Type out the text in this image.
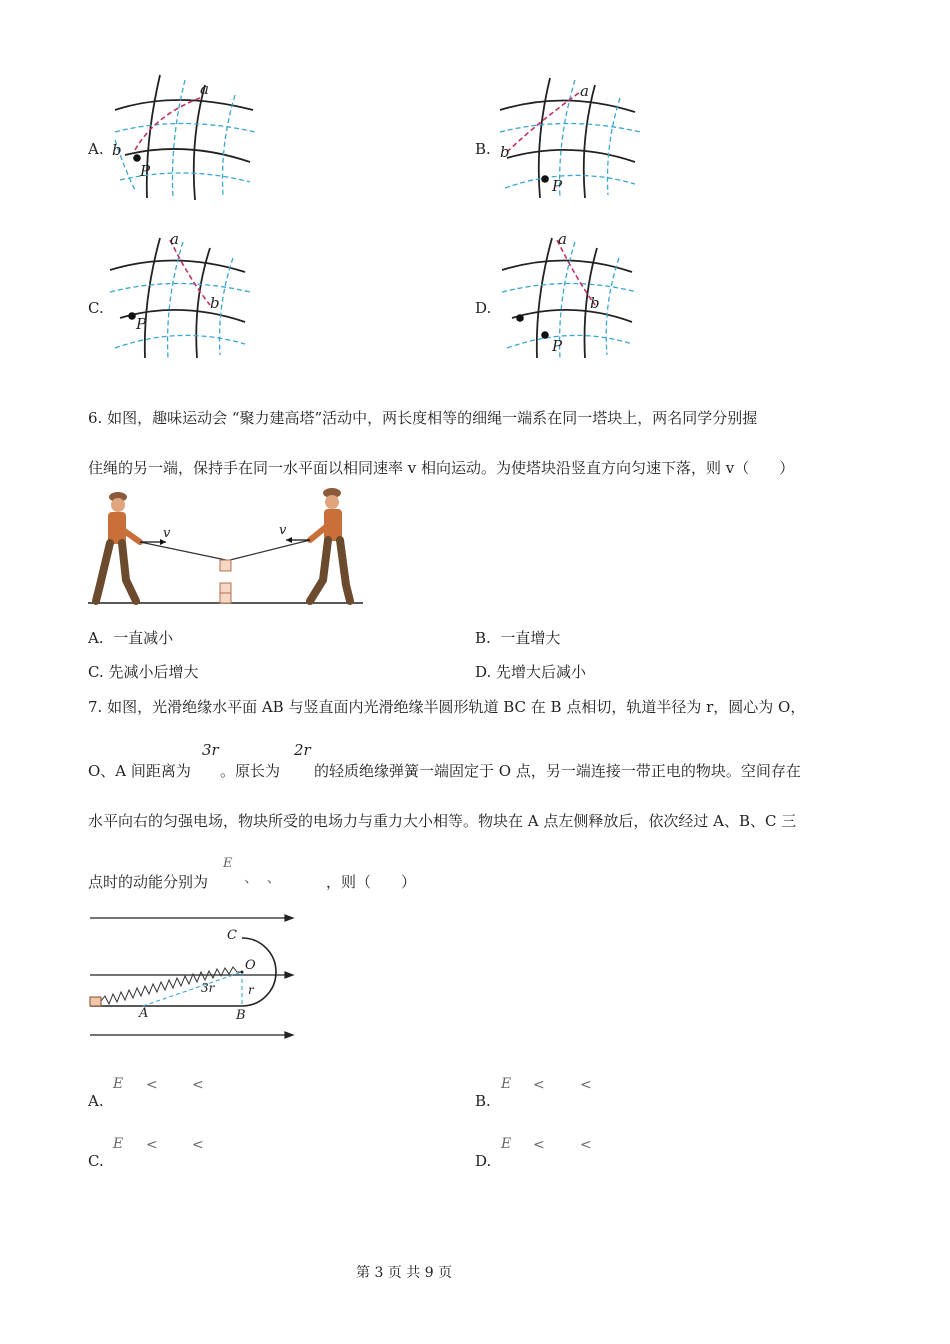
A.
a
b
P
B.
a
b
P
C.
a
b
P
D.
a
b
P
6. 如图，趣味运动会 “聚力建高塔”活动中，两长度相等的细绳一端系在同一塔块上，两名同学分别握
住绳的另一端，保持手在同一水平面以相同速率 v 相向运动。为使塔块沿竖直方向匀速下落，则 v（　　）
v	v
A. 一直减小	B. 一直增大
C. 先减小后增大	D. 先增大后减小
7. 如图，光滑绝缘水平面 AB 与竖直面内光滑绝缘半圆形轨道 BC 在 B 点相切，轨道半径为 r，圆心为 O，
O、A 间距离为
3r
。原长为
2r
的轻质绝缘弹簧一端固定于 O 点，另一端连接一带正电的物块。空间存在
水平向右的匀强电场，物块所受的电场力与重力大小相等。物块在 A 点左侧释放后，依次经过 A、B、C 三
点时的动能分别为
E
、　、	，则（　　）
C
O
3r	r
A	B
A.
E < <
B.
E <	<
C.
E < <
D.
E <	<
第 3 页 共 9 页
